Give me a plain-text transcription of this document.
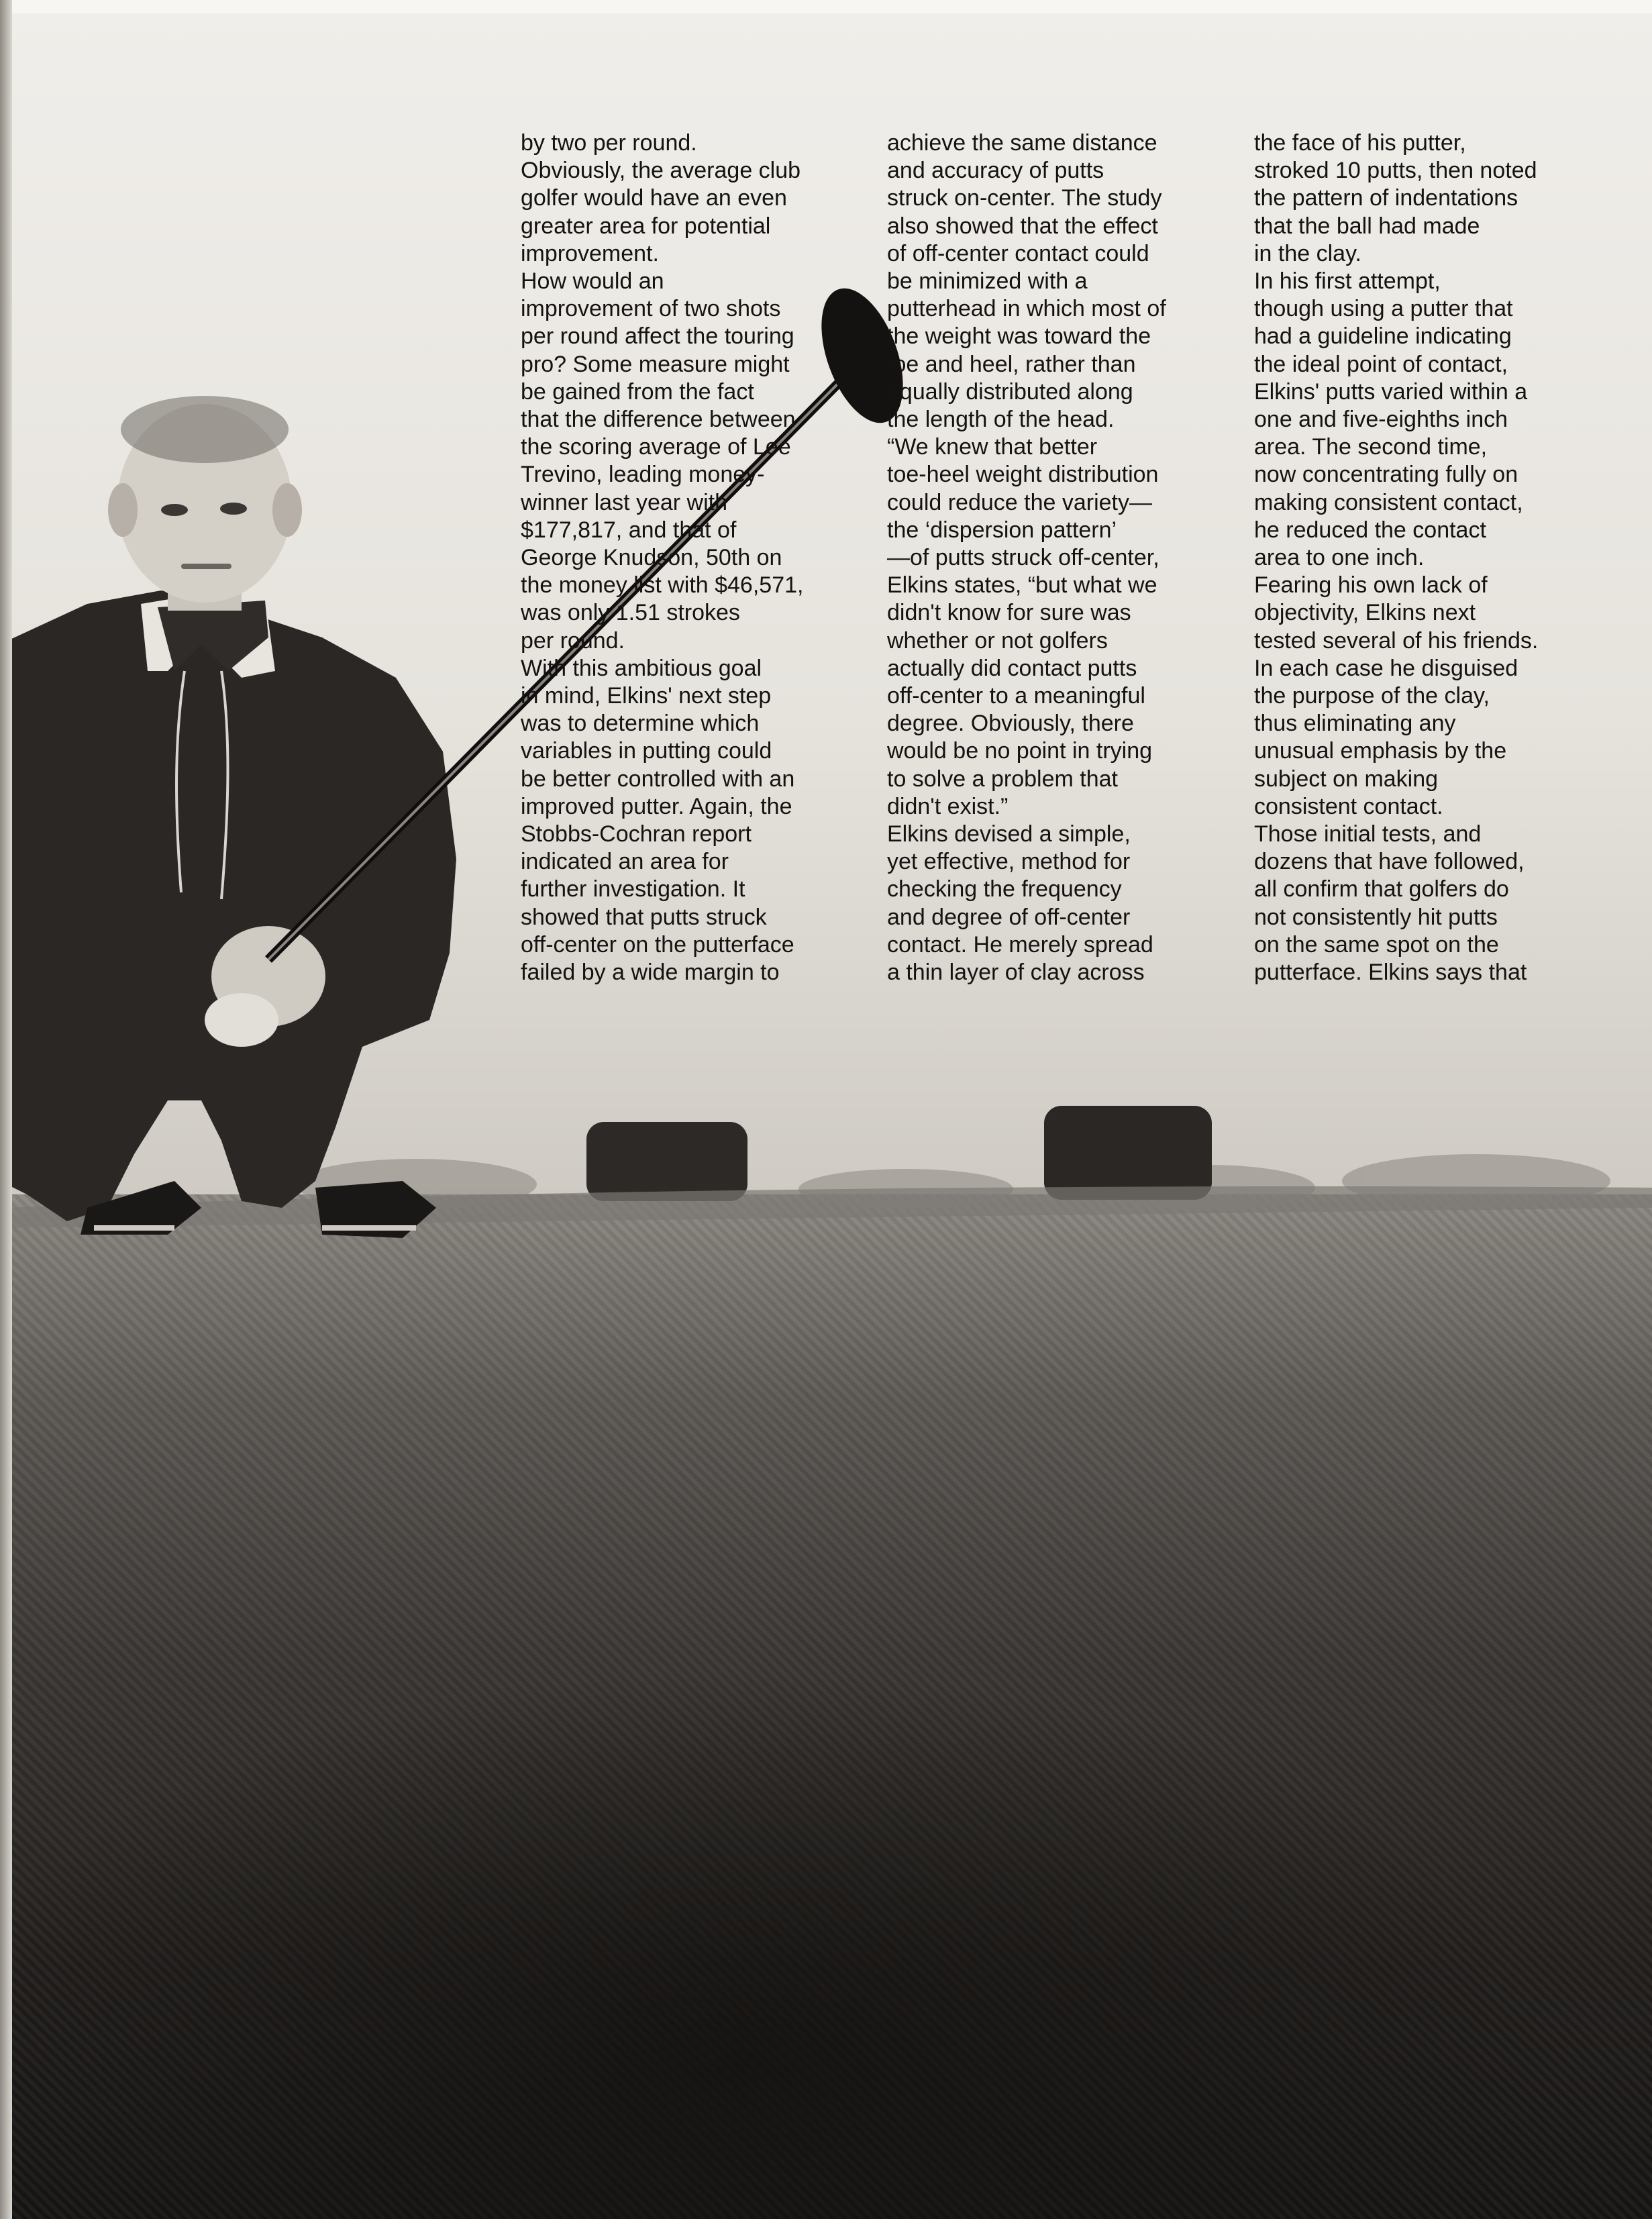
by two per round.
Obviously, the average club
golfer would have an even
greater area for potential
improvement.
How would an
improvement of two shots
per round affect the touring
pro? Some measure might
be gained from the fact
that the difference between
the scoring average of Lee
Trevino, leading money-
winner last year with
$177,817, and that of
George Knudson, 50th on
the money list with $46,571,
was only 1.51 strokes
per round.
With this ambitious goal
in mind, Elkins' next step
was to determine which
variables in putting could
be better controlled with an
improved putter. Again, the
Stobbs-Cochran report
indicated an area for
further investigation. It
showed that putts struck
off-center on the putterface
failed by a wide margin to

achieve the same distance
and accuracy of putts
struck on-center. The study
also showed that the effect
of off-center contact could
be minimized with a
putterhead in which most of
the weight was toward the
toe and heel, rather than
equally distributed along
the length of the head.
“We knew that better
toe-heel weight distribution
could reduce the variety—
the ‘dispersion pattern’
—of putts struck off-center,
Elkins states, “but what we
didn't know for sure was
whether or not golfers
actually did contact putts
off-center to a meaningful
degree. Obviously, there
would be no point in trying
to solve a problem that
didn't exist.”
Elkins devised a simple,
yet effective, method for
checking the frequency
and degree of off-center
contact. He merely spread
a thin layer of clay across

the face of his putter,
stroked 10 putts, then noted
the pattern of indentations
that the ball had made
in the clay.
In his first attempt,
though using a putter that
had a guideline indicating
the ideal point of contact,
Elkins' putts varied within a
one and five-eighths inch
area. The second time,
now concentrating fully on
making consistent contact,
he reduced the contact
area to one inch.
Fearing his own lack of
objectivity, Elkins next
tested several of his friends.
In each case he disguised
the purpose of the clay,
thus eliminating any
unusual emphasis by the
subject on making
consistent contact.
Those initial tests, and
dozens that have followed,
all confirm that golfers do
not consistently hit putts
on the same spot on the
putterface. Elkins says that
